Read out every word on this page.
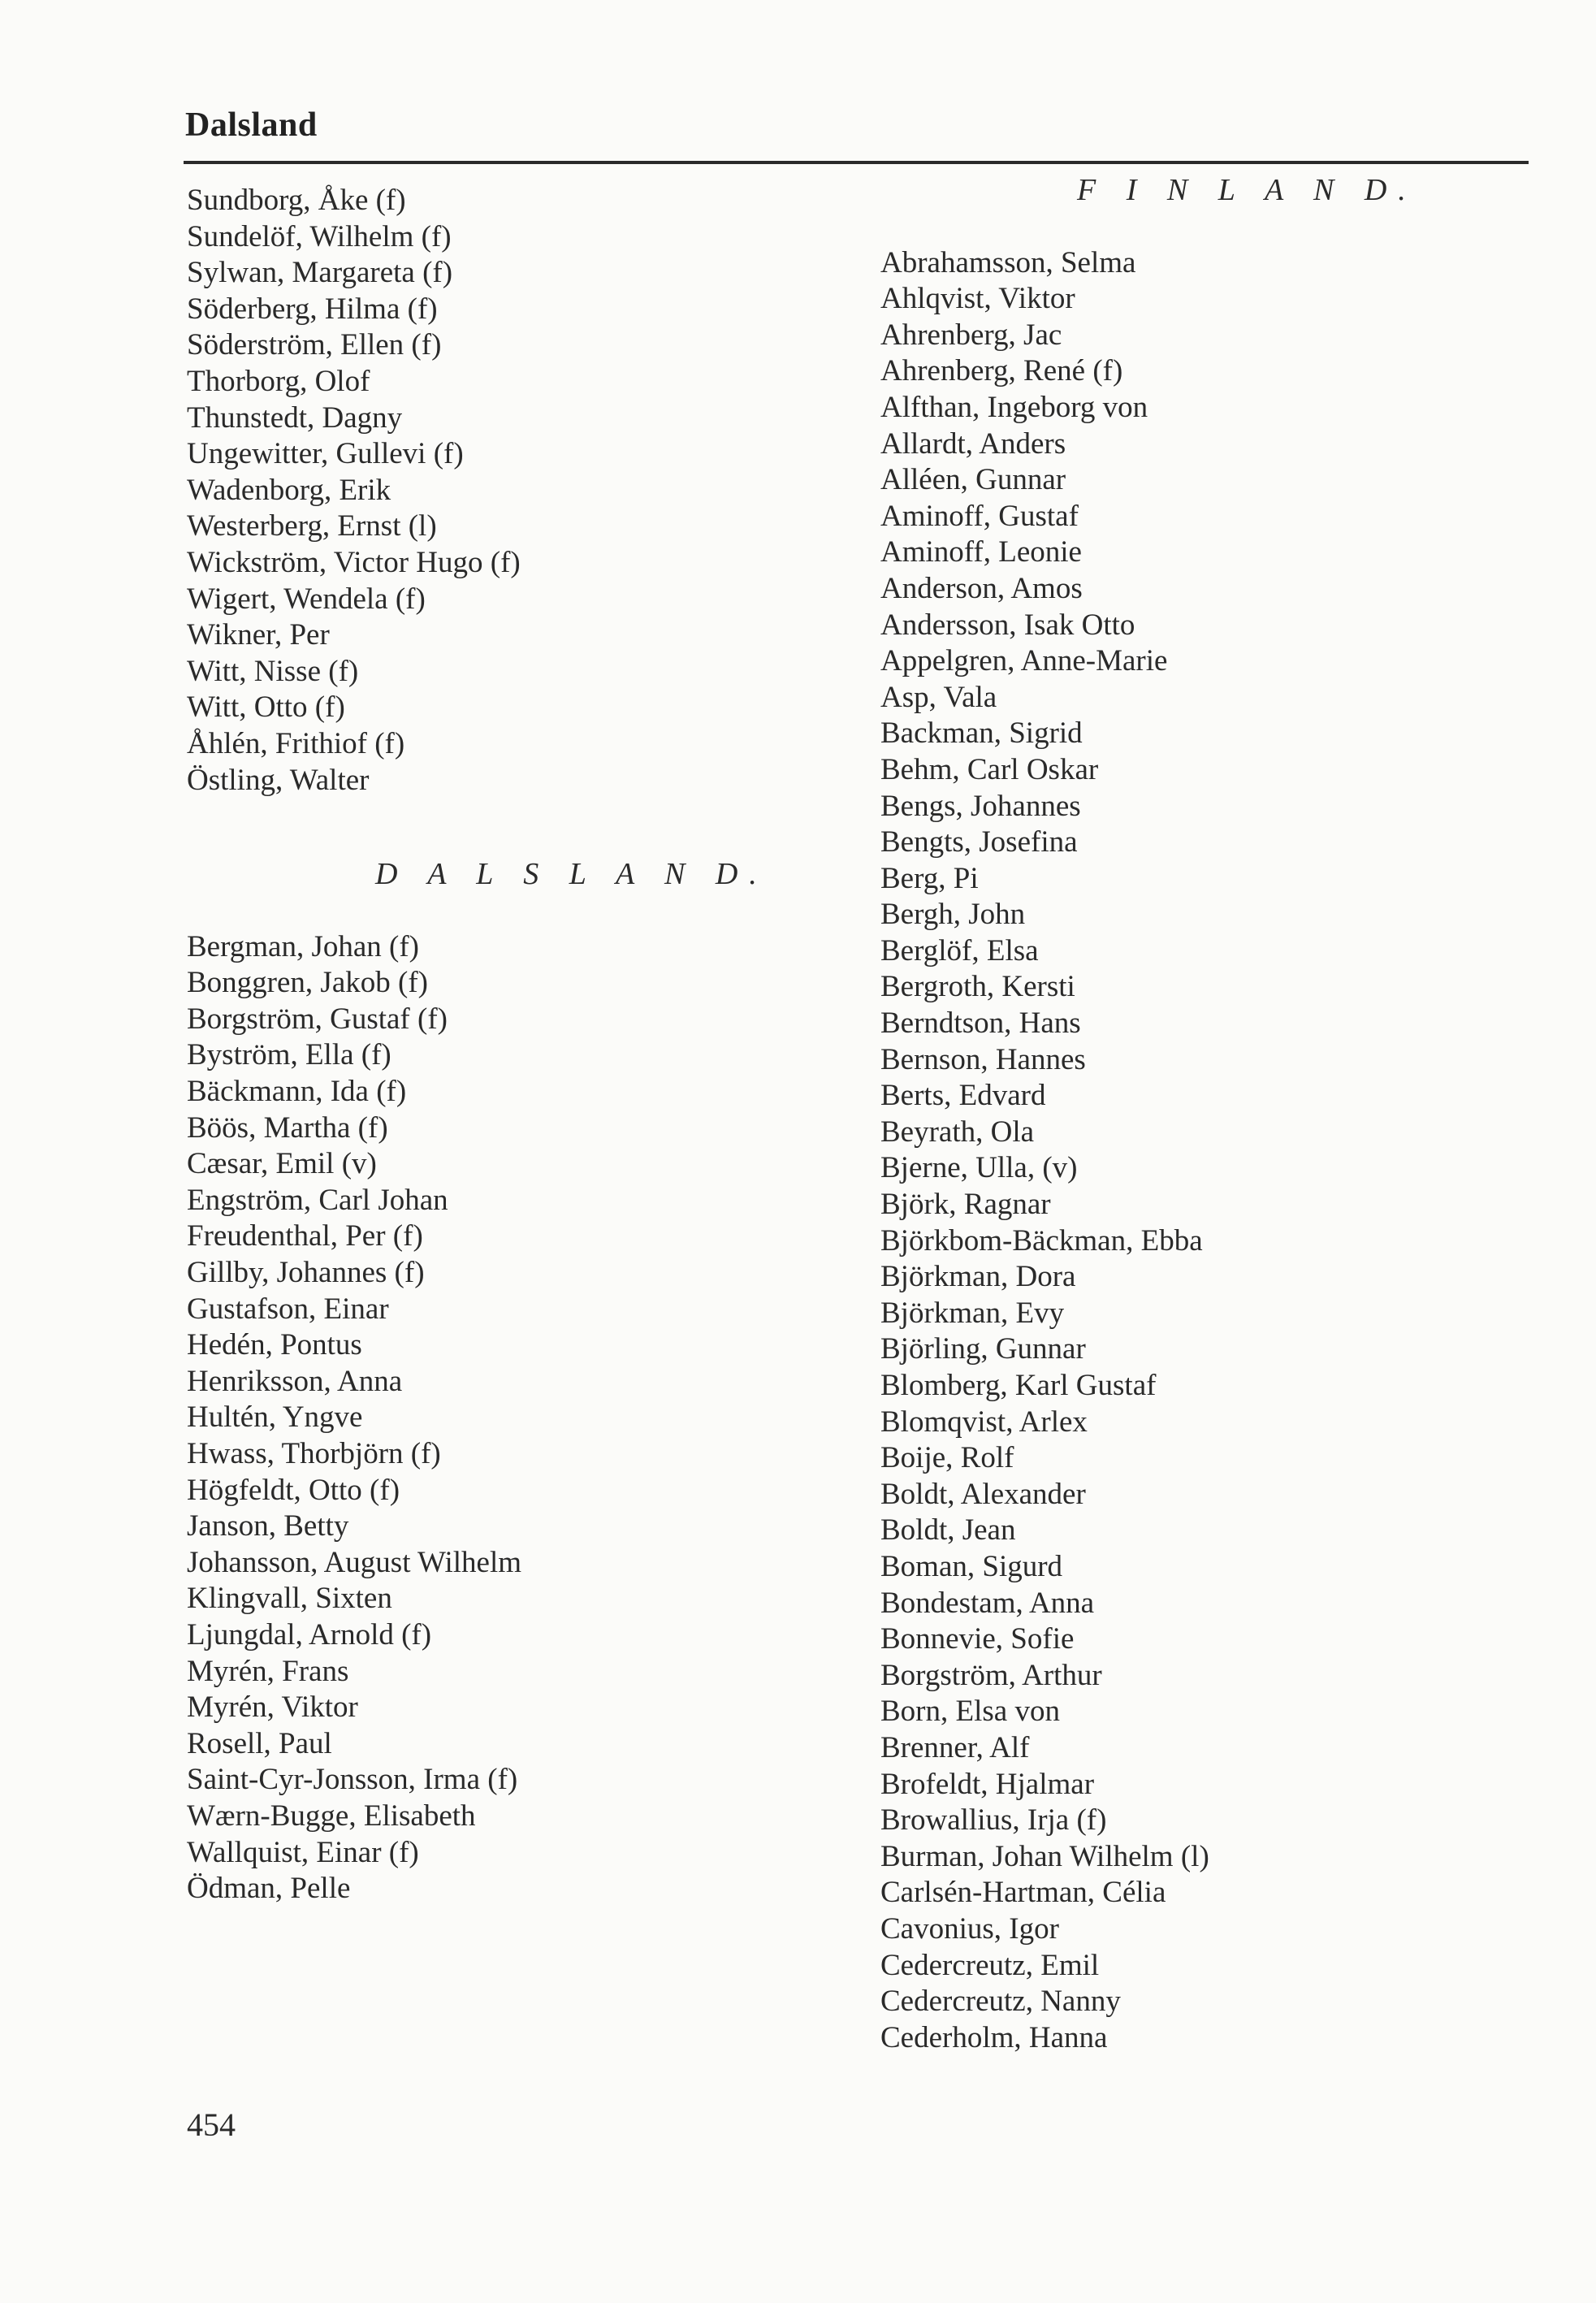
Dalsland
Sundborg, Åke (f)
Sundelöf, Wilhelm (f)
Sylwan, Margareta (f)
Söderberg, Hilma (f)
Söderström, Ellen (f)
Thorborg, Olof
Thunstedt, Dagny
Ungewitter, Gullevi (f)
Wadenborg, Erik
Westerberg, Ernst (l)
Wickström, Victor Hugo (f)
Wigert, Wendela (f)
Wikner, Per
Witt, Nisse (f)
Witt, Otto (f)
Åhlén, Frithiof (f)
Östling, Walter
D A L S L A N D.
Bergman, Johan (f)
Bonggren, Jakob (f)
Borgström, Gustaf (f)
Byström, Ella (f)
Bäckmann, Ida (f)
Böös, Martha (f)
Cæsar, Emil (v)
Engström, Carl Johan
Freudenthal, Per (f)
Gillby, Johannes (f)
Gustafson, Einar
Hedén, Pontus
Henriksson, Anna
Hultén, Yngve
Hwass, Thorbjörn (f)
Högfeldt, Otto (f)
Janson, Betty
Johansson, August Wilhelm
Klingvall, Sixten
Ljungdal, Arnold (f)
Myrén, Frans
Myrén, Viktor
Rosell, Paul
Saint-Cyr-Jonsson, Irma (f)
Wærn-Bugge, Elisabeth
Wallquist, Einar (f)
Ödman, Pelle
F I N L A N D.
Abrahamsson, Selma
Ahlqvist, Viktor
Ahrenberg, Jac
Ahrenberg, René (f)
Alfthan, Ingeborg von
Allardt, Anders
Alléen, Gunnar
Aminoff, Gustaf
Aminoff, Leonie
Anderson, Amos
Andersson, Isak Otto
Appelgren, Anne-Marie
Asp, Vala
Backman, Sigrid
Behm, Carl Oskar
Bengs, Johannes
Bengts, Josefina
Berg, Pi
Bergh, John
Berglöf, Elsa
Bergroth, Kersti
Berndtson, Hans
Bernson, Hannes
Berts, Edvard
Beyrath, Ola
Bjerne, Ulla, (v)
Björk, Ragnar
Björkbom-Bäckman, Ebba
Björkman, Dora
Björkman, Evy
Björling, Gunnar
Blomberg, Karl Gustaf
Blomqvist, Arlex
Boije, Rolf
Boldt, Alexander
Boldt, Jean
Boman, Sigurd
Bondestam, Anna
Bonnevie, Sofie
Borgström, Arthur
Born, Elsa von
Brenner, Alf
Brofeldt, Hjalmar
Browallius, Irja (f)
Burman, Johan Wilhelm (l)
Carlsén-Hartman, Célia
Cavonius, Igor
Cedercreutz, Emil
Cedercreutz, Nanny
Cederholm, Hanna
454
